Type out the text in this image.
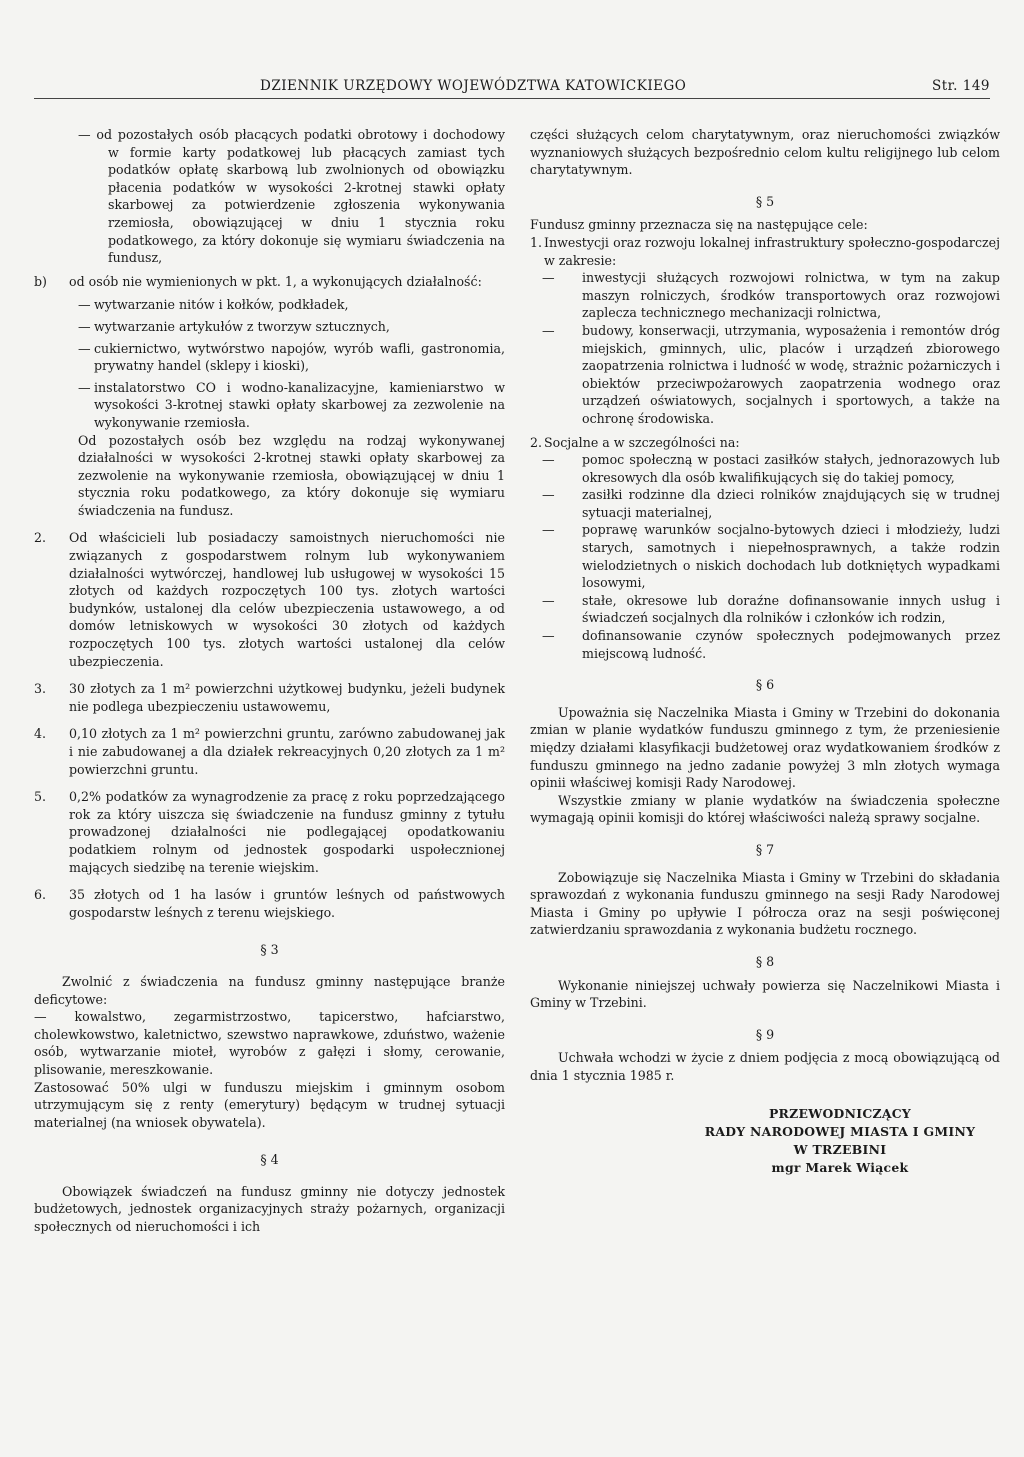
DZIENNIK URZĘDOWY WOJEWÓDZTWA KATOWICKIEGO	Str. 149

— od pozostałych osób płacących podatki obrotowy i dochodowy w formie karty podatkowej lub płacących zamiast tych podatków opłatę skarbową lub zwolnionych od obowiązku płacenia podatków w wysokości 2-krotnej stawki opłaty skarbowej za potwierdzenie zgłoszenia wykonywania rzemiosła, obowiązującej w dniu 1 stycznia roku podatkowego, za który dokonuje się wymiaru świadczenia na fundusz,

b)	od osób nie wymienionych w pkt. 1, a wykonujących działalność:
— wytwarzanie nitów i kołków, podkładek,
— wytwarzanie artykułów z tworzyw sztucznych,
— cukiernictwo, wytwórstwo napojów, wyrób wafli, gastronomia, prywatny handel (sklepy i kioski),
— instalatorstwo CO i wodno-kanalizacyjne, kamieniarstwo w wysokości 3-krotnej stawki opłaty skarbowej za zezwolenie na wykonywanie rzemiosła.

Od pozostałych osób bez względu na rodzaj wykonywanej działalności w wysokości 2-krotnej stawki opłaty skarbowej za zezwolenie na wykonywanie rzemiosła, obowiązującej w dniu 1 stycznia roku podatkowego, za który dokonuje się wymiaru świadczenia na fundusz.

2.	Od właścicieli lub posiadaczy samoistnych nieruchomości nie związanych z gospodarstwem rolnym lub wykonywaniem działalności wytwórczej, handlowej lub usługowej w wysokości 15 złotych od każdych rozpoczętych 100 tys. złotych wartości budynków, ustalonej dla celów ubezpieczenia ustawowego, a od domów letniskowych w wysokości 30 złotych od każdych rozpoczętych 100 tys. złotych wartości ustalonej dla celów ubezpieczenia.
3.	30 złotych za 1 m² powierzchni użytkowej budynku, jeżeli budynek nie podlega ubezpieczeniu ustawowemu,
4.	0,10 złotych za 1 m² powierzchni gruntu, zarówno zabudowanej jak i nie zabudowanej a dla działek rekreacyjnych 0,20 złotych za 1 m² powierzchni gruntu.
5.	0,2% podatków za wynagrodzenie za pracę z roku poprzedzającego rok za który uiszcza się świadczenie na fundusz gminny z tytułu prowadzonej działalności nie podlegającej opodatkowaniu podatkiem rolnym od jednostek gospodarki uspołecznionej mających siedzibę na terenie wiejskim.
6.	35 złotych od 1 ha lasów i gruntów leśnych od państwowych gospodarstw leśnych z terenu wiejskiego.

§ 3

Zwolnić z świadczenia na fundusz gminny następujące branże deficytowe:

— kowalstwo, zegarmistrzostwo, tapicerstwo, hafciarstwo, cholewkowstwo, kaletnictwo, szewstwo naprawkowe, zduństwo, ważenie osób, wytwarzanie mioteł, wyrobów z gałęzi i słomy, cerowanie, plisowanie, mereszkowanie.

Zastosować 50% ulgi w funduszu miejskim i gminnym osobom utrzymującym się z renty (emerytury) będącym w trudnej sytuacji materialnej (na wniosek obywatela).

§ 4

Obowiązek świadczeń na fundusz gminny nie dotyczy jednostek budżetowych, jednostek organizacyjnych straży pożarnych, organizacji społecznych od nieruchomości i ich

części służących celom charytatywnym, oraz nieruchomości związków wyznaniowych służących bezpośrednio celom kultu religijnego lub celom charytatywnym.

§ 5

Fundusz gminny przeznacza się na następujące cele:

1. Inwestycji oraz rozwoju lokalnej infrastruktury społeczno-gospodarczej w zakresie:
—	inwestycji służących rozwojowi rolnictwa, w tym na zakup maszyn rolniczych, środków transportowych oraz rozwojowi zaplecza technicznego mechanizacji rolnictwa,
—	budowy, konserwacji, utrzymania, wyposażenia i remontów dróg miejskich, gminnych, ulic, placów i urządzeń zbiorowego zaopatrzenia rolnictwa i ludność w wodę, strażnic pożarniczych i obiektów przeciwpożarowych zaopatrzenia wodnego oraz urządzeń oświatowych, socjalnych i sportowych, a także na ochronę środowiska.
2. Socjalne a w szczególności na:
—	pomoc społeczną w postaci zasiłków stałych, jednorazowych lub okresowych dla osób kwalifikujących się do takiej pomocy,
—	zasiłki rodzinne dla dzieci rolników znajdujących się w trudnej sytuacji materialnej,
—	poprawę warunków socjalno-bytowych dzieci i młodzieży, ludzi starych, samotnych i niepełnosprawnych, a także rodzin wielodzietnych o niskich dochodach lub dotkniętych wypadkami losowymi,
—	stałe, okresowe lub doraźne dofinansowanie innych usług i świadczeń socjalnych dla rolników i członków ich rodzin,
—	dofinansowanie czynów społecznych podejmowanych przez miejscową ludność.

§ 6

Upoważnia się Naczelnika Miasta i Gminy w Trzebini do dokonania zmian w planie wydatków funduszu gminnego z tym, że przeniesienie między działami klasyfikacji budżetowej oraz wydatkowaniem środków z funduszu gminnego na jedno zadanie powyżej 3 mln złotych wymaga opinii właściwej komisji Rady Narodowej.

Wszystkie zmiany w planie wydatków na świadczenia społeczne wymagają opinii komisji do której właściwości należą sprawy socjalne.

§ 7

Zobowiązuje się Naczelnika Miasta i Gminy w Trzebini do składania sprawozdań z wykonania funduszu gminnego na sesji Rady Narodowej Miasta i Gminy po upływie I półrocza oraz na sesji poświęconej zatwierdzaniu sprawozdania z wykonania budżetu rocznego.

§ 8

Wykonanie niniejszej uchwały powierza się Naczelnikowi Miasta i Gminy w Trzebini.

§ 9

Uchwała wchodzi w życie z dniem podjęcia z mocą obowiązującą od dnia 1 stycznia 1985 r.

PRZEWODNICZĄCY
RADY NARODOWEJ MIASTA I GMINY
W TRZEBINI
mgr Marek Wiącek
